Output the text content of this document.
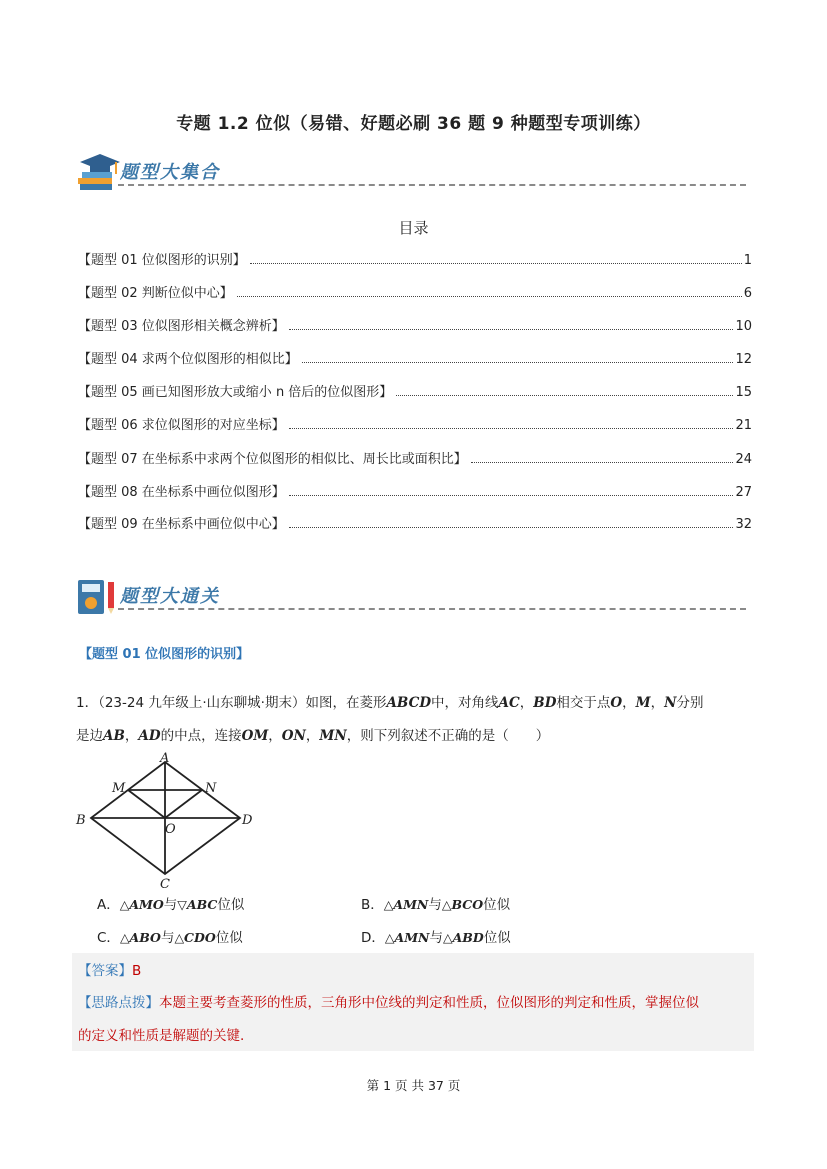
专题 1.2 位似（易错、好题必刷 36 题 9 种题型专项训练）
题型大集合
目录
【题型 01 位似图形的识别】	1
【题型 02 判断位似中心】	6
【题型 03 位似图形相关概念辨析】	10
【题型 04 求两个位似图形的相似比】	12
【题型 05 画已知图形放大或缩小 n 倍后的位似图形】	15
【题型 06 求位似图形的对应坐标】	21
【题型 07 在坐标系中求两个位似图形的相似比、周长比或面积比】	24
【题型 08 在坐标系中画位似图形】	27
【题型 09 在坐标系中画位似中心】	32
题型大通关
【题型 01 位似图形的识别】
1．（23-24 九年级上·山东聊城·期末）如图，在菱形ABCD中，对角线AC，BD相交于点O，M，N分别
是边AB，AD的中点，连接OM，ON，MN，则下列叙述不正确的是（　　）
A
B
C
D
M	N
O
A．△AMO与▽ABC位似	B．△AMN与△BCO位似
C．△ABO与△CDO位似	D．△AMN与△ABD位似
【答案】B
【思路点拨】本题主要考查菱形的性质，三角形中位线的判定和性质，位似图形的判定和性质，掌握位似
的定义和性质是解题的关键.
第 1 页 共 37 页
